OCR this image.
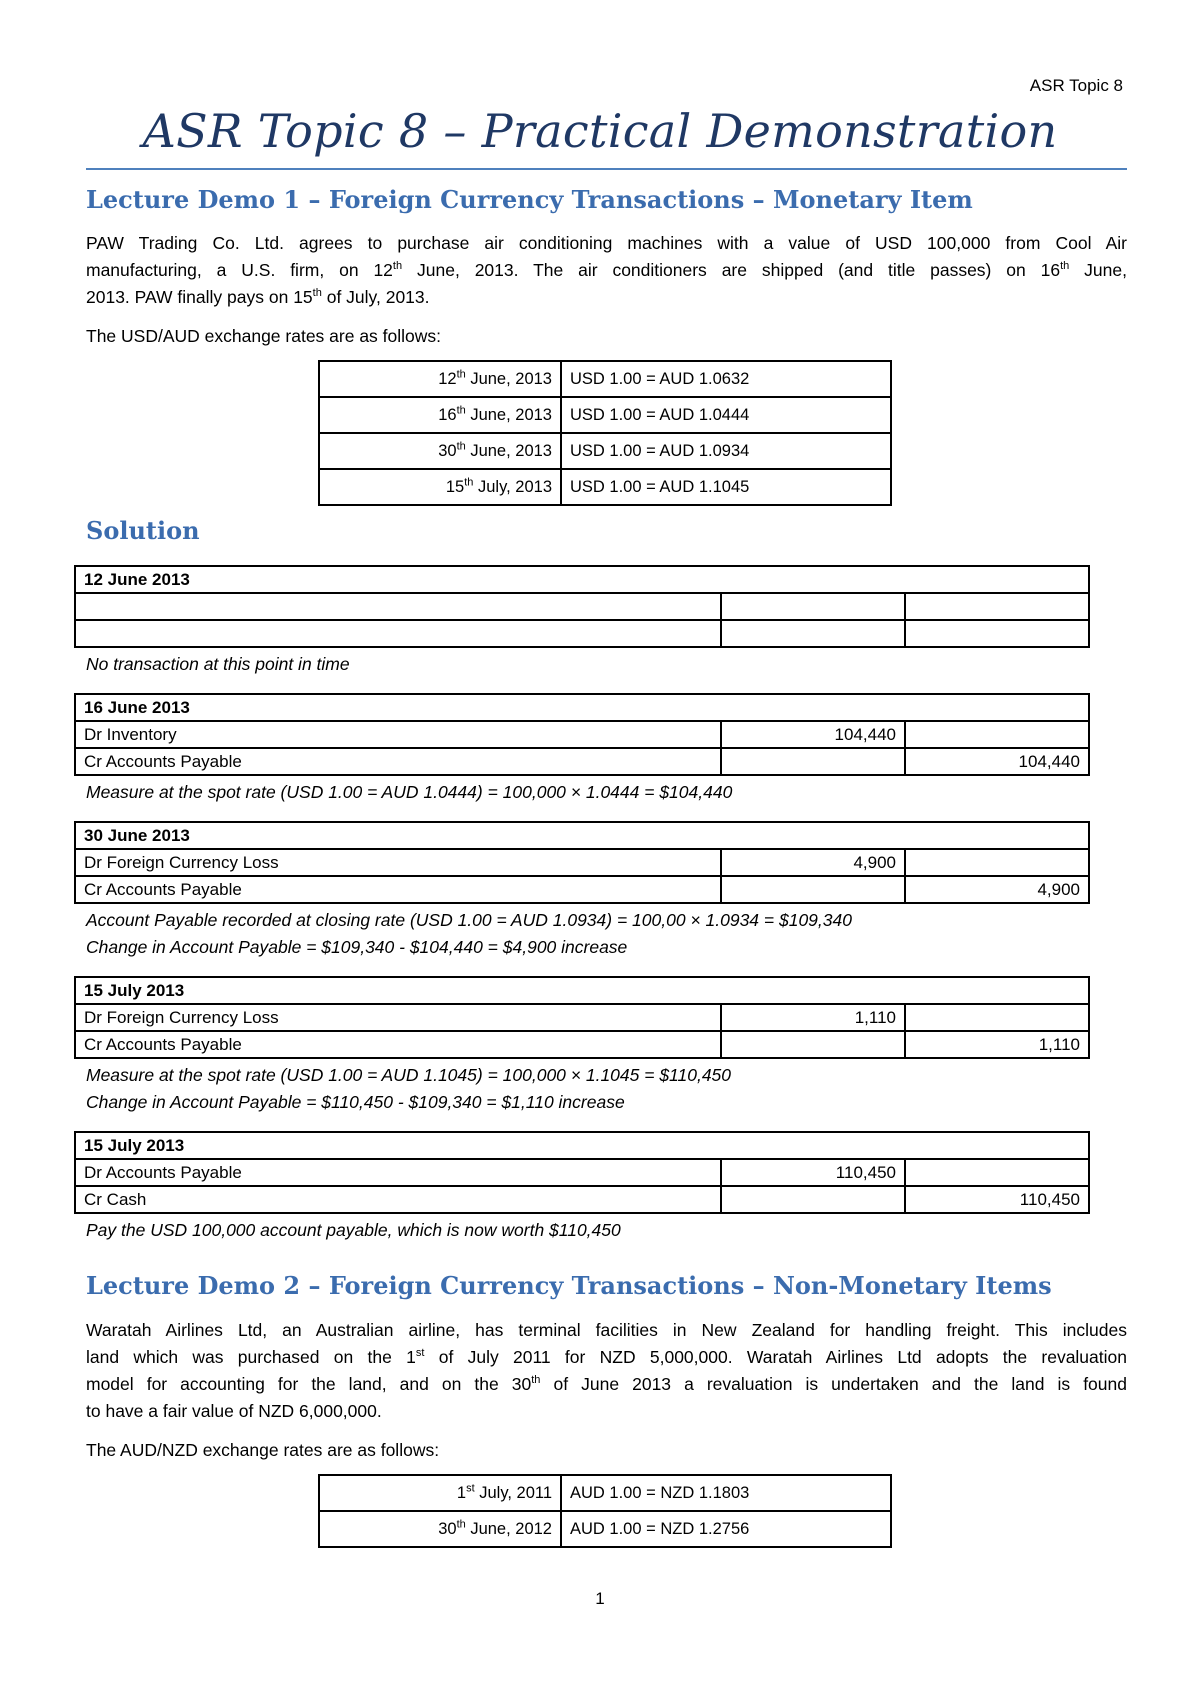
ASR Topic 8
ASR Topic 8 – Practical Demonstration
Lecture Demo 1 – Foreign Currency Transactions – Monetary Item
PAW Trading Co. Ltd. agrees to purchase air conditioning machines with a value of USD 100,000 from Cool Air
manufacturing, a U.S. firm, on 12th June, 2013. The air conditioners are shipped (and title passes) on 16th June,
2013. PAW finally pays on 15th of July, 2013.
The USD/AUD exchange rates are as follows:
12th June, 2013	USD 1.00 = AUD 1.0632
16th June, 2013	USD 1.00 = AUD 1.0444
30th June, 2013	USD 1.00 = AUD 1.0934
15th July, 2013	USD 1.00 = AUD 1.1045
Solution
12 June 2013		

No transaction at this point in time
16 June 2013		
Dr Inventory	104,440	
Cr Accounts Payable		104,440
Measure at the spot rate (USD 1.00 = AUD 1.0444) = 100,000 × 1.0444 = $104,440
30 June 2013		
Dr Foreign Currency Loss	4,900	
Cr Accounts Payable		4,900
Account Payable recorded at closing rate (USD 1.00 = AUD 1.0934) = 100,00 × 1.0934 = $109,340
Change in Account Payable = $109,340 - $104,440 = $4,900 increase
15 July 2013		
Dr Foreign Currency Loss	1,110	
Cr Accounts Payable		1,110
Measure at the spot rate (USD 1.00 = AUD 1.1045) = 100,000 × 1.1045 = $110,450
Change in Account Payable = $110,450 - $109,340 = $1,110 increase
15 July 2013		
Dr Accounts Payable	110,450	
Cr Cash		110,450
Pay the USD 100,000 account payable, which is now worth $110,450
Lecture Demo 2 – Foreign Currency Transactions – Non-Monetary Items
Waratah Airlines Ltd, an Australian airline, has terminal facilities in New Zealand for handling freight. This includes
land which was purchased on the 1st of July 2011 for NZD 5,000,000. Waratah Airlines Ltd adopts the revaluation
model for accounting for the land, and on the 30th of June 2013 a revaluation is undertaken and the land is found
to have a fair value of NZD 6,000,000.
The AUD/NZD exchange rates are as follows:
1st July, 2011	AUD 1.00 = NZD 1.1803
30th June, 2012	AUD 1.00 = NZD 1.2756
1
